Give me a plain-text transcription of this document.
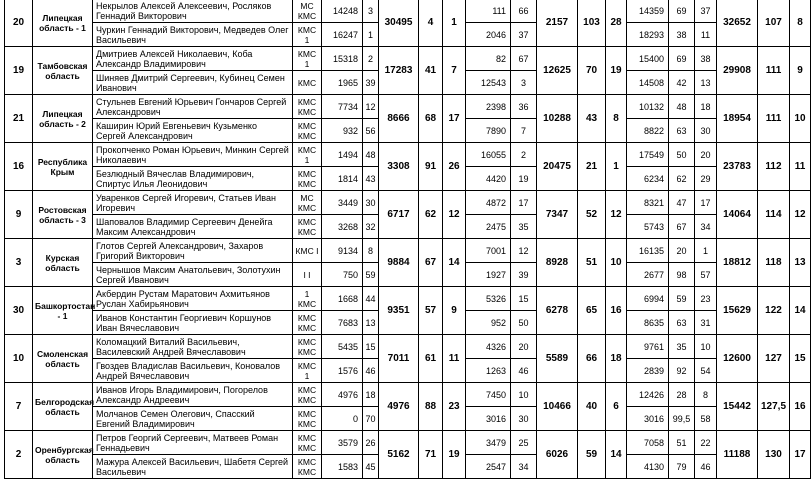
20	Липецкая область - 1	Некрылов Алексей Алексеевич, Росляков Геннадий Викторович	МС КМС	14248	3	30495	4	1	111	66	2157	103	28	14359	69	37	32652	107	8
		Чуркин Геннадий Викторович, Медведев Олег Васильевич	КМС 1	16247	1				2046	37				18293	38	11			
19	Тамбовская область	Дмитриев Алексей Николаевич, Коба Александр Владимирович	КМС 1	15318	2	17283	41	7	82	67	12625	70	19	15400	69	38	29908	111	9
		Шиняев Дмитрий Сергеевич, Кубинец Семен Иванович	КМС	1965	39				12543	3				14508	42	13			
21	Липецкая область - 2	Стульнев Евгений Юрьевич Гончаров Сергей Александрович	КМС КМС	7734	12	8666	68	17	2398	36	10288	43	8	10132	48	18	18954	111	10
		Каширин Юрий Евгеньевич Кузьменко Сергей Александрович	КМС КМС	932	56				7890	7				8822	63	30			
16	Республика Крым	Прокопченко Роман Юрьевич, Минкин Сергей Николаевич	КМС 1	1494	48	3308	91	26	16055	2	20475	21	1	17549	50	20	23783	112	11
		Безлюдный Вячеслав Владимирович, Спиртус Илья Леонидович	КМС КМС	1814	43				4420	19				6234	62	29			
9	Ростовская область - 3	Уваренков Сергей Игоревич, Статьев Иван Игоревич	МС КМС	3449	30	6717	62	12	4872	17	7347	52	12	8321	47	17	14064	114	12
		Шаповалов Владимир Сергеевич Денейга Максим Александрович	КМС КМС	3268	32				2475	35				5743	67	34			
3	Курская область	Глотов Сергей Александрович, Захаров Григорий Викторович	КМС I	9134	8	9884	67	14	7001	12	8928	51	10	16135	20	1	18812	118	13
		Чернышов Максим Анатольевич, Золотухин Сергей Иванович	I I	750	59				1927	39				2677	98	57			
30	Башкортостан - 1	Акбердин Рустам Маратович Ахмитьянов Руслан Хабирьянович	1 КМС	1668	44	9351	57	9	5326	15	6278	65	16	6994	59	23	15629	122	14
		Иванов Константин Георгиевич Коршунов Иван Вячеславович	КМС КМС	7683	13				952	50				8635	63	31			
10	Смоленская область	Коломацкий Виталий Васильевич, Василевский Андрей Вячеславович	КМС КМС	5435	15	7011	61	11	4326	20	5589	66	18	9761	35	10	12600	127	15
		Гвоздев Владислав Васильевич, Коновалов Андрей Вячеславович	КМС 1	1576	46				1263	46				2839	92	54			
7	Белгородская область	Иванов Игорь Владимирович, Погорелов Александр Андреевич	КМС КМС	4976	18	4976	88	23	7450	10	10466	40	6	12426	28	8	15442	127,5	16
		Молчанов Семен Олегович, Спасский Евгений Владимирович	КМС КМС	0	70				3016	30				3016	99,5	58			
2	Оренбургская область	Петров Георгий Сергеевич, Матвеев Роман Геннадьевич	КМС КМС	3579	26	5162	71	19	3479	25	6026	59	14	7058	51	22	11188	130	17
		Мажура Алексей Васильевич, Шабетя Сергей Васильевич	КМС КМС	1583	45				2547	34				4130	79	46			
